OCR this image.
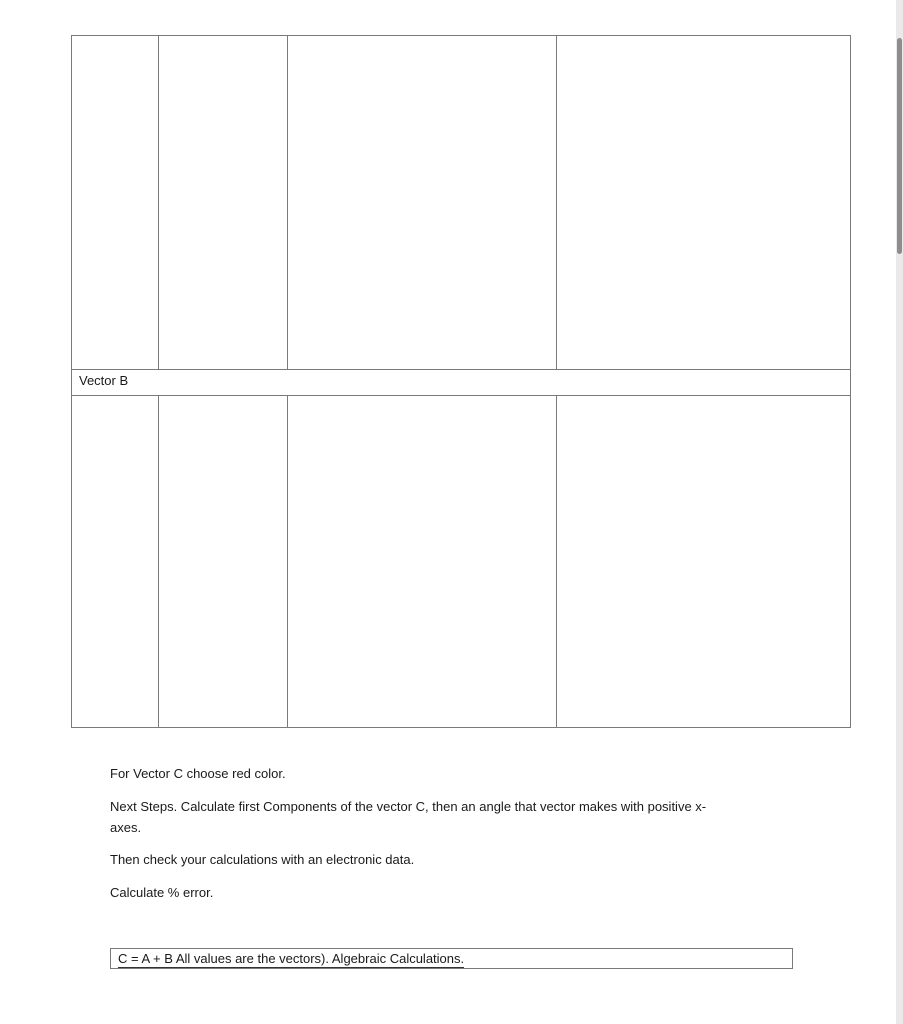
Vector B
For Vector C choose red color.
Next Steps. Calculate first Components of the vector C, then an angle that vector makes with positive x-
axes.
Then check your calculations with an electronic data.
Calculate % error.
C = A + B All values are the vectors). Algebraic Calculations.
